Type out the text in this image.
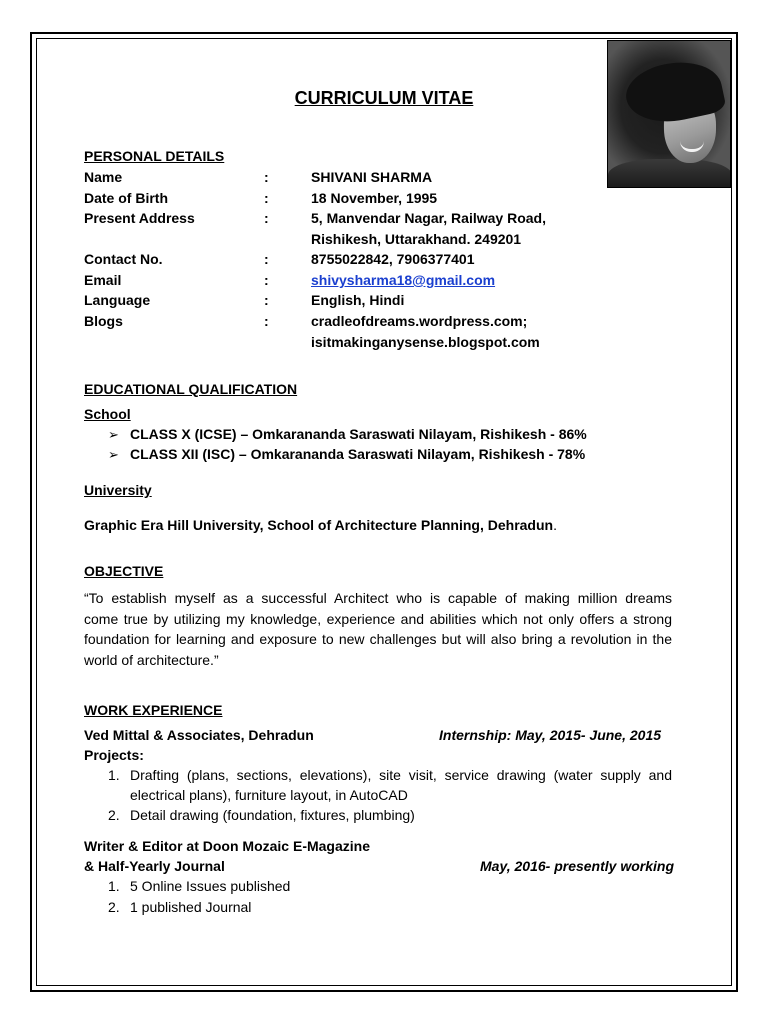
CURRICULUM VITAE
PERSONAL DETAILS
Name	:	SHIVANI SHARMA
Date of Birth	:	18 November, 1995
Present Address	:	5, Manvendar Nagar, Railway Road,
Rishikesh, Uttarakhand. 249201
Contact No.	:	8755022842, 7906377401
Email	:	shivysharma18@gmail.com
Language	:	English, Hindi
Blogs	:	cradleofdreams.wordpress.com;
isitmakinganysense.blogspot.com
EDUCATIONAL QUALIFICATION
School
➢ CLASS X (ICSE) – Omkarananda Saraswati Nilayam, Rishikesh - 86%
➢ CLASS XII (ISC) – Omkarananda Saraswati Nilayam, Rishikesh - 78%
University
Graphic Era Hill University, School of Architecture Planning, Dehradun.
OBJECTIVE
“To establish myself as a successful Architect who is capable of making million dreams
come true by utilizing my knowledge, experience and abilities which not only offers a strong
foundation for learning and exposure to new challenges but will also bring a revolution in the
world of architecture.”
WORK EXPERIENCE
Ved Mittal & Associates, Dehradun	Internship: May, 2015- June, 2015
Projects:
1. Drafting (plans, sections, elevations), site visit, service drawing (water supply and
electrical plans), furniture layout, in AutoCAD
2. Detail drawing (foundation, fixtures, plumbing)
Writer & Editor at Doon Mozaic E-Magazine
& Half-Yearly Journal	May, 2016- presently working
1. 5 Online Issues published
2. 1 published Journal
